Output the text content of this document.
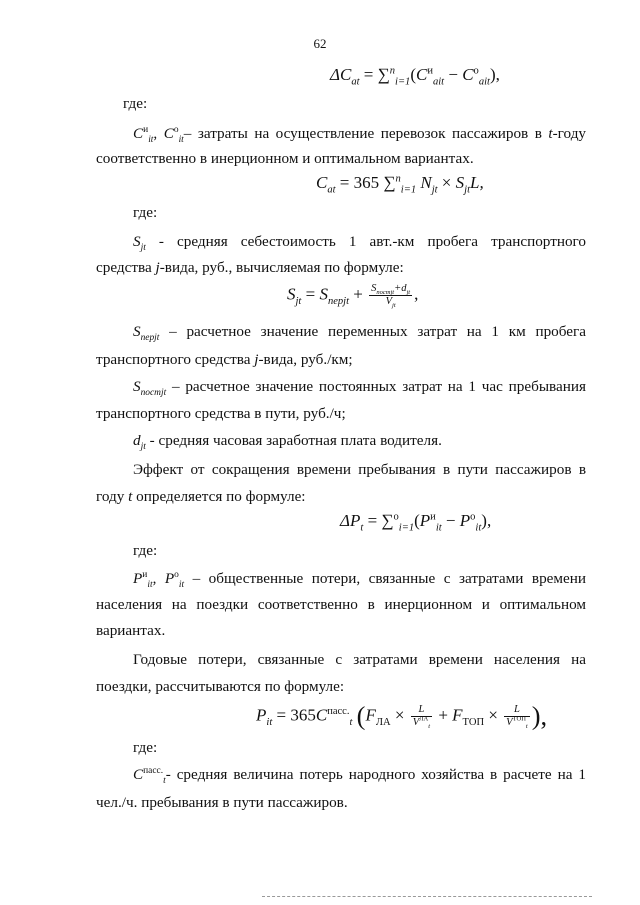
62
$\Delta C_{at} = \sum^n_{i=1}(C^и_{ait} - C^о_{ait})$,
где:
$C^и_{it}$, $C^о_{it}-$ затраты на осуществление перевозок пассажиров в t-году
соответственно в инерционном и оптимальном вариантах.
$C_{at} = 365$ ∑$^n_{i=1}$ $N_{jt} \times S_{jt}L$,
где:
$S_{jt}$ - средняя себестоимость 1 авт.-км пробега транспортного
средства j-вида, руб., вычисляемая по формуле:
$S_{jt} = S_{перjt} + \frac{S_{постjt}+d_{jt}}{V_{jt}}$ ,
$S_{перjt}$ – расчетное значение переменных затрат на 1 км пробега
транспортного средства j-вида, руб./км;
$S_{постjt}$ – расчетное значение постоянных затрат на 1 час пребывания
транспортного средства в пути, руб./ч;
$d_{jt}$ - средняя часовая заработная плата водителя.
Эффект от сокращения времени пребывания в пути пассажиров в
году t определяется по формуле:
$\Delta P_t = \sum^о_{i=1}(P^и_{it} - P^о_{it})$,
где:
$P^и_{it}$, $P^о_{it}$ – общественные потери, связанные с затратами времени
населения на поездки соответственно в инерционном и оптимальном
вариантах.
Годовые потери, связанные с затратами времени населения на
поездки, рассчитываются по формуле:
$P_{it} = 365C^{пасс.}_t$ ($F_{ЛА} \times \frac{L}{V^{ЛА}_t} + F_{ТОП} \times \frac{L}{V^{ТОП}_t}$ ),
где:
$C^{пасс.}_t-$ средняя величина потерь народного хозяйства в расчете на 1
чел./ч. пребывания в пути пассажиров.
